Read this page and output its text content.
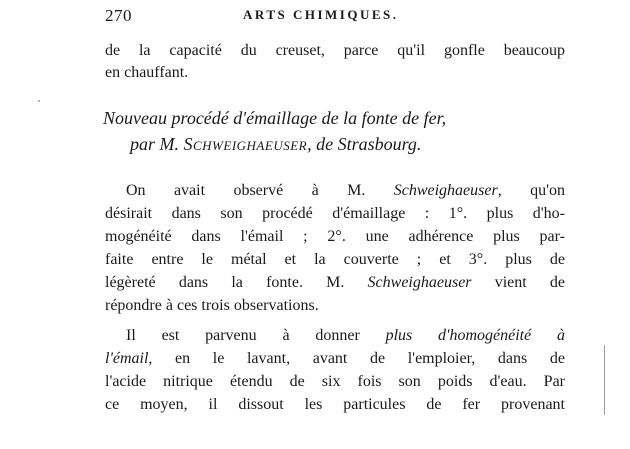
270	ARTS CHIMIQUES.
de la capacité du creuset, parce qu'il gonfle beaucoup
en chauffant.
Nouveau procédé d'émaillage de la fonte de fer,
par M. Schweighaeuser, de Strasbourg.
On avait observé à M. Schweighaeuser, qu'on
désirait dans son procédé d'émaillage : 1°. plus d'ho-
mogénéité dans l'émail ; 2°. une adhérence plus par-
faite entre le métal et la couverte ; et 3°. plus de
légèreté dans la fonte. M. Schweighaeuser vient de
répondre à ces trois observations.
Il est parvenu à donner plus d'homogénéité à
l'émail, en le lavant, avant de l'emploier, dans de
l'acide nitrique étendu de six fois son poids d'eau. Par
ce moyen, il dissout les particules de fer provenant
